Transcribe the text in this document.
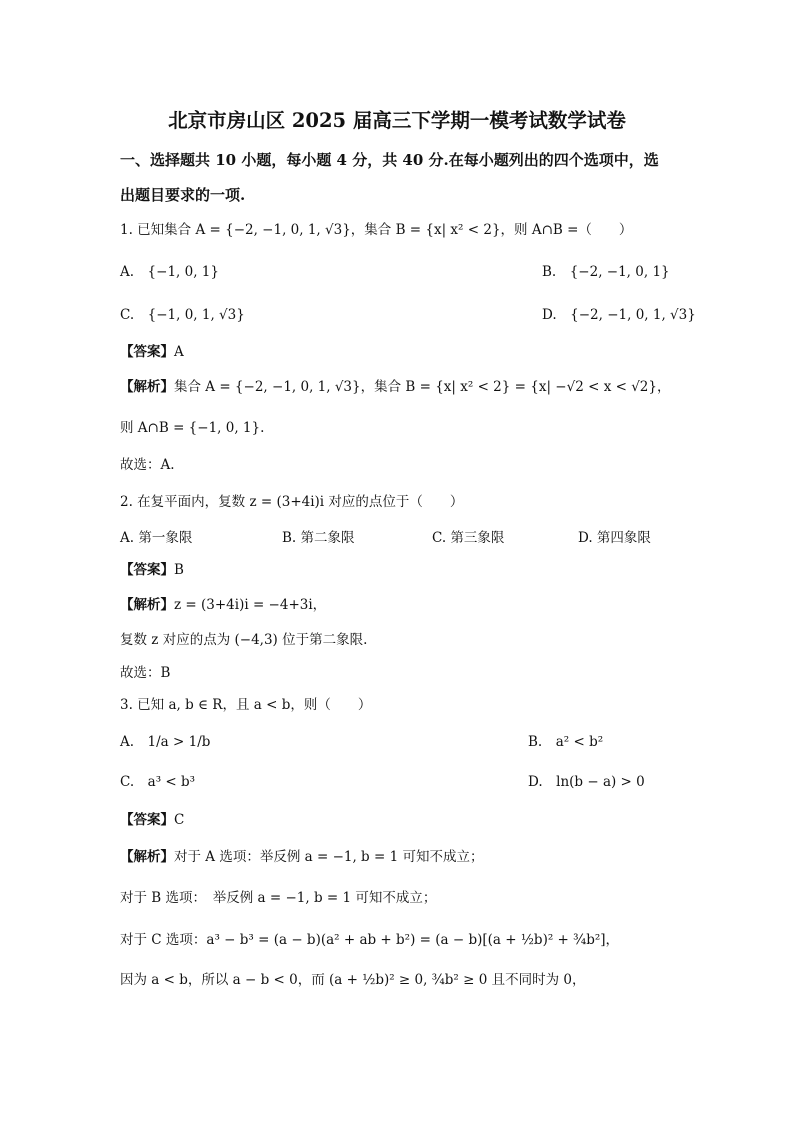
北京市房山区 2025 届高三下学期一模考试数学试卷
一、选择题共 10 小题，每小题 4 分，共 40 分.在每小题列出的四个选项中，选
出题目要求的一项.
1. 已知集合 A = {−2, −1, 0, 1, √3}，集合 B = {x| x² < 2}，则 A∩B =（　　）
A.　{−1, 0, 1}	B.　{−2, −1, 0, 1}
C.　{−1, 0, 1, √3}	D.　{−2, −1, 0, 1, √3}
【答案】A
【解析】集合 A = {−2, −1, 0, 1, √3}，集合 B = {x| x² < 2} = {x| −√2 < x < √2}，
则 A∩B = {−1, 0, 1}.
故选：A.
2. 在复平面内，复数 z = (3+4i)i 对应的点位于（　　）
A. 第一象限	B. 第二象限	C. 第三象限	D. 第四象限
【答案】B
【解析】z = (3+4i)i = −4+3i，
复数 z 对应的点为 (−4,3) 位于第二象限.
故选：B
3. 已知 a, b ∈ R，且 a < b，则（　　）
A.　1/a > 1/b	B.　a² < b²
C.　a³ < b³	D.　ln(b − a) > 0
【答案】C
【解析】对于 A 选项：举反例 a = −1, b = 1 可知不成立；
对于 B 选项：　举反例 a = −1, b = 1 可知不成立；
对于 C 选项：a³ − b³ = (a − b)(a² + ab + b²) = (a − b)[(a + ½b)² + ¾b²]，
因为 a < b，所以 a − b < 0，而 (a + ½b)² ≥ 0, ¾b² ≥ 0 且不同时为 0，
